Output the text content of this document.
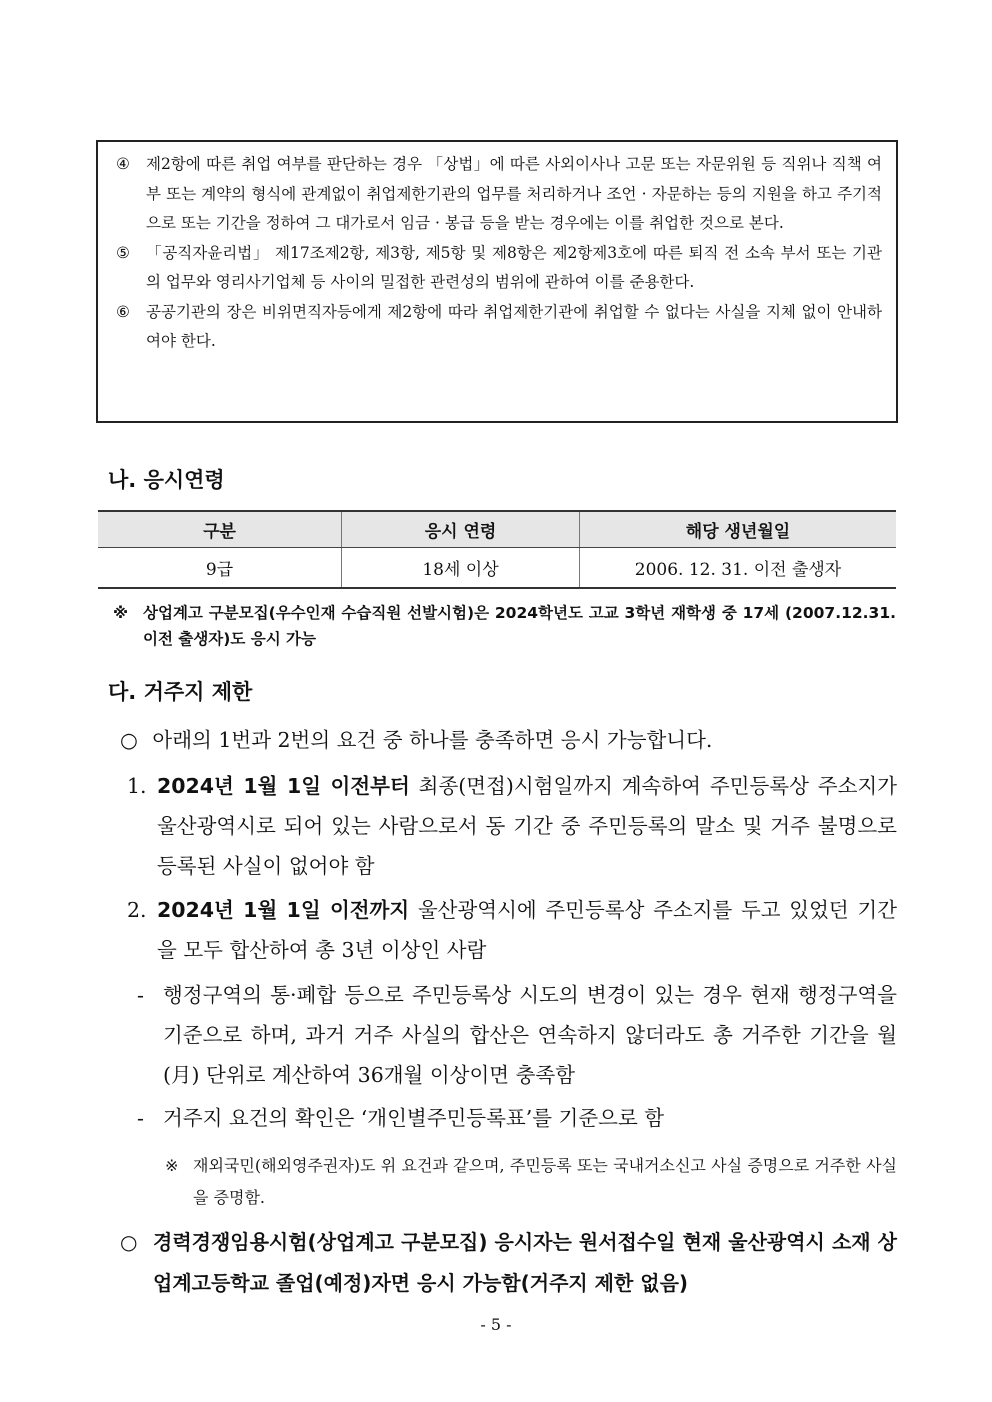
④ 제2항에 따른 취업 여부를 판단하는 경우 「상법」에 따른 사외이사나 고문 또는 자문위원 등 직위나 직책 여부 또는 계약의 형식에 관계없이 취업제한기관의 업무를 처리하거나 조언 · 자문하는 등의 지원을 하고 주기적으로 또는 기간을 정하여 그 대가로서 임금 · 봉급 등을 받는 경우에는 이를 취업한 것으로 본다.
⑤ 「공직자윤리법」 제17조제2항, 제3항, 제5항 및 제8항은 제2항제3호에 따른 퇴직 전 소속 부서 또는 기관의 업무와 영리사기업체 등 사이의 밀접한 관련성의 범위에 관하여 이를 준용한다.
⑥ 공공기관의 장은 비위면직자등에게 제2항에 따라 취업제한기관에 취업할 수 없다는 사실을 지체 없이 안내하여야 한다.
나. 응시연령
구분	응시 연령	해당 생년월일
9급	18세 이상	2006. 12. 31. 이전 출생자
※ 상업계고 구분모집(우수인재 수습직원 선발시험)은 2024학년도 고교 3학년 재학생 중 17세 (2007.12.31. 이전 출생자)도 응시 가능
다. 거주지 제한
○ 아래의 1번과 2번의 요건 중 하나를 충족하면 응시 가능합니다.
1. 2024년 1월 1일 이전부터 최종(면접)시험일까지 계속하여 주민등록상 주소지가 울산광역시로 되어 있는 사람으로서 동 기간 중 주민등록의 말소 및 거주 불명으로 등록된 사실이 없어야 함
2. 2024년 1월 1일 이전까지 울산광역시에 주민등록상 주소지를 두고 있었던 기간을 모두 합산하여 총 3년 이상인 사람
- 행정구역의 통·폐합 등으로 주민등록상 시도의 변경이 있는 경우 현재 행정구역을 기준으로 하며, 과거 거주 사실의 합산은 연속하지 않더라도 총 거주한 기간을 월(月) 단위로 계산하여 36개월 이상이면 충족함
- 거주지 요건의 확인은 ‘개인별주민등록표’를 기준으로 함
※ 재외국민(해외영주권자)도 위 요건과 같으며, 주민등록 또는 국내거소신고 사실 증명으로 거주한 사실을 증명함.
○ 경력경쟁임용시험(상업계고 구분모집) 응시자는 원서접수일 현재 울산광역시 소재 상업계고등학교 졸업(예정)자면 응시 가능함(거주지 제한 없음)
- 5 -
